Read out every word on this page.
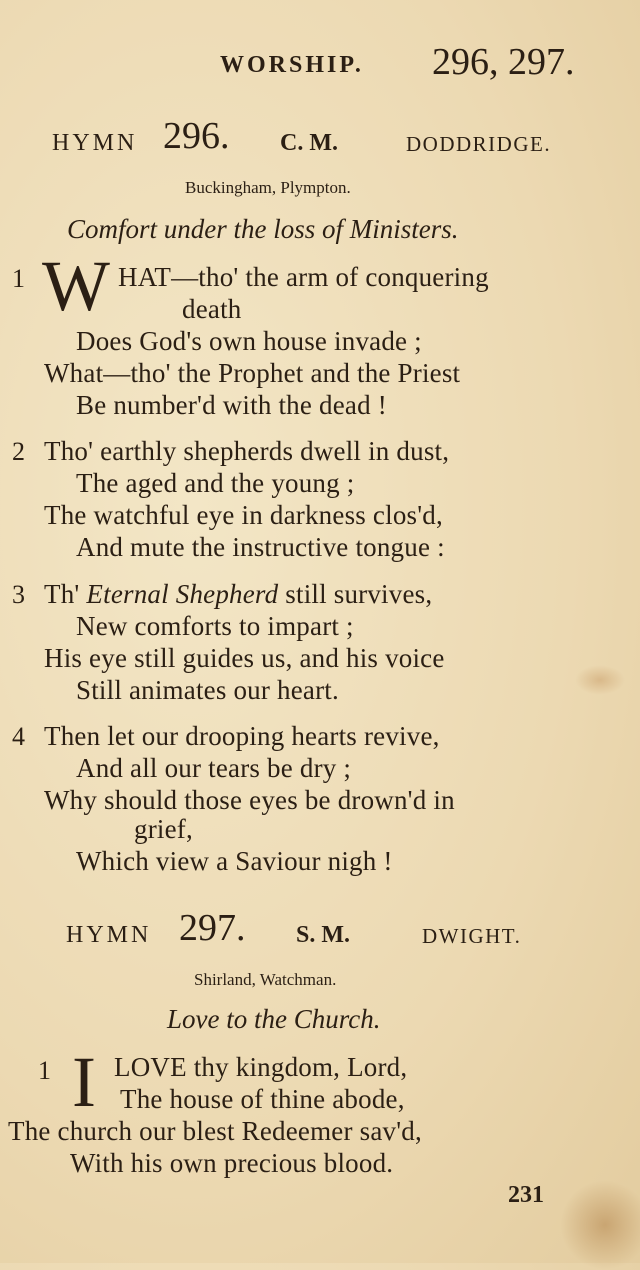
WORSHIP. 296, 297.
HYMN 296. C. M.	DODDRIDGE.
Buckingham, Plympton.
Comfort under the loss of Ministers.
1 W HAT—tho' the arm of conquering
death
Does God's own house invade ;
What—tho' the Prophet and the Priest
Be number'd with the dead !
2 Tho' earthly shepherds dwell in dust,
The aged and the young ;
The watchful eye in darkness clos'd,
And mute the instructive tongue :
3 Th' Eternal Shepherd still survives,
New comforts to impart ;
His eye still guides us, and his voice
Still animates our heart.
4 Then let our drooping hearts revive,
And all our tears be dry ;
Why should those eyes be drown'd in
grief,
Which view a Saviour nigh !
HYMN 297. S. M.	DWIGHT.
Shirland, Watchman.
Love to the Church.
1 I LOVE thy kingdom, Lord,
The house of thine abode,
The church our blest Redeemer sav'd,
With his own precious blood.
231
